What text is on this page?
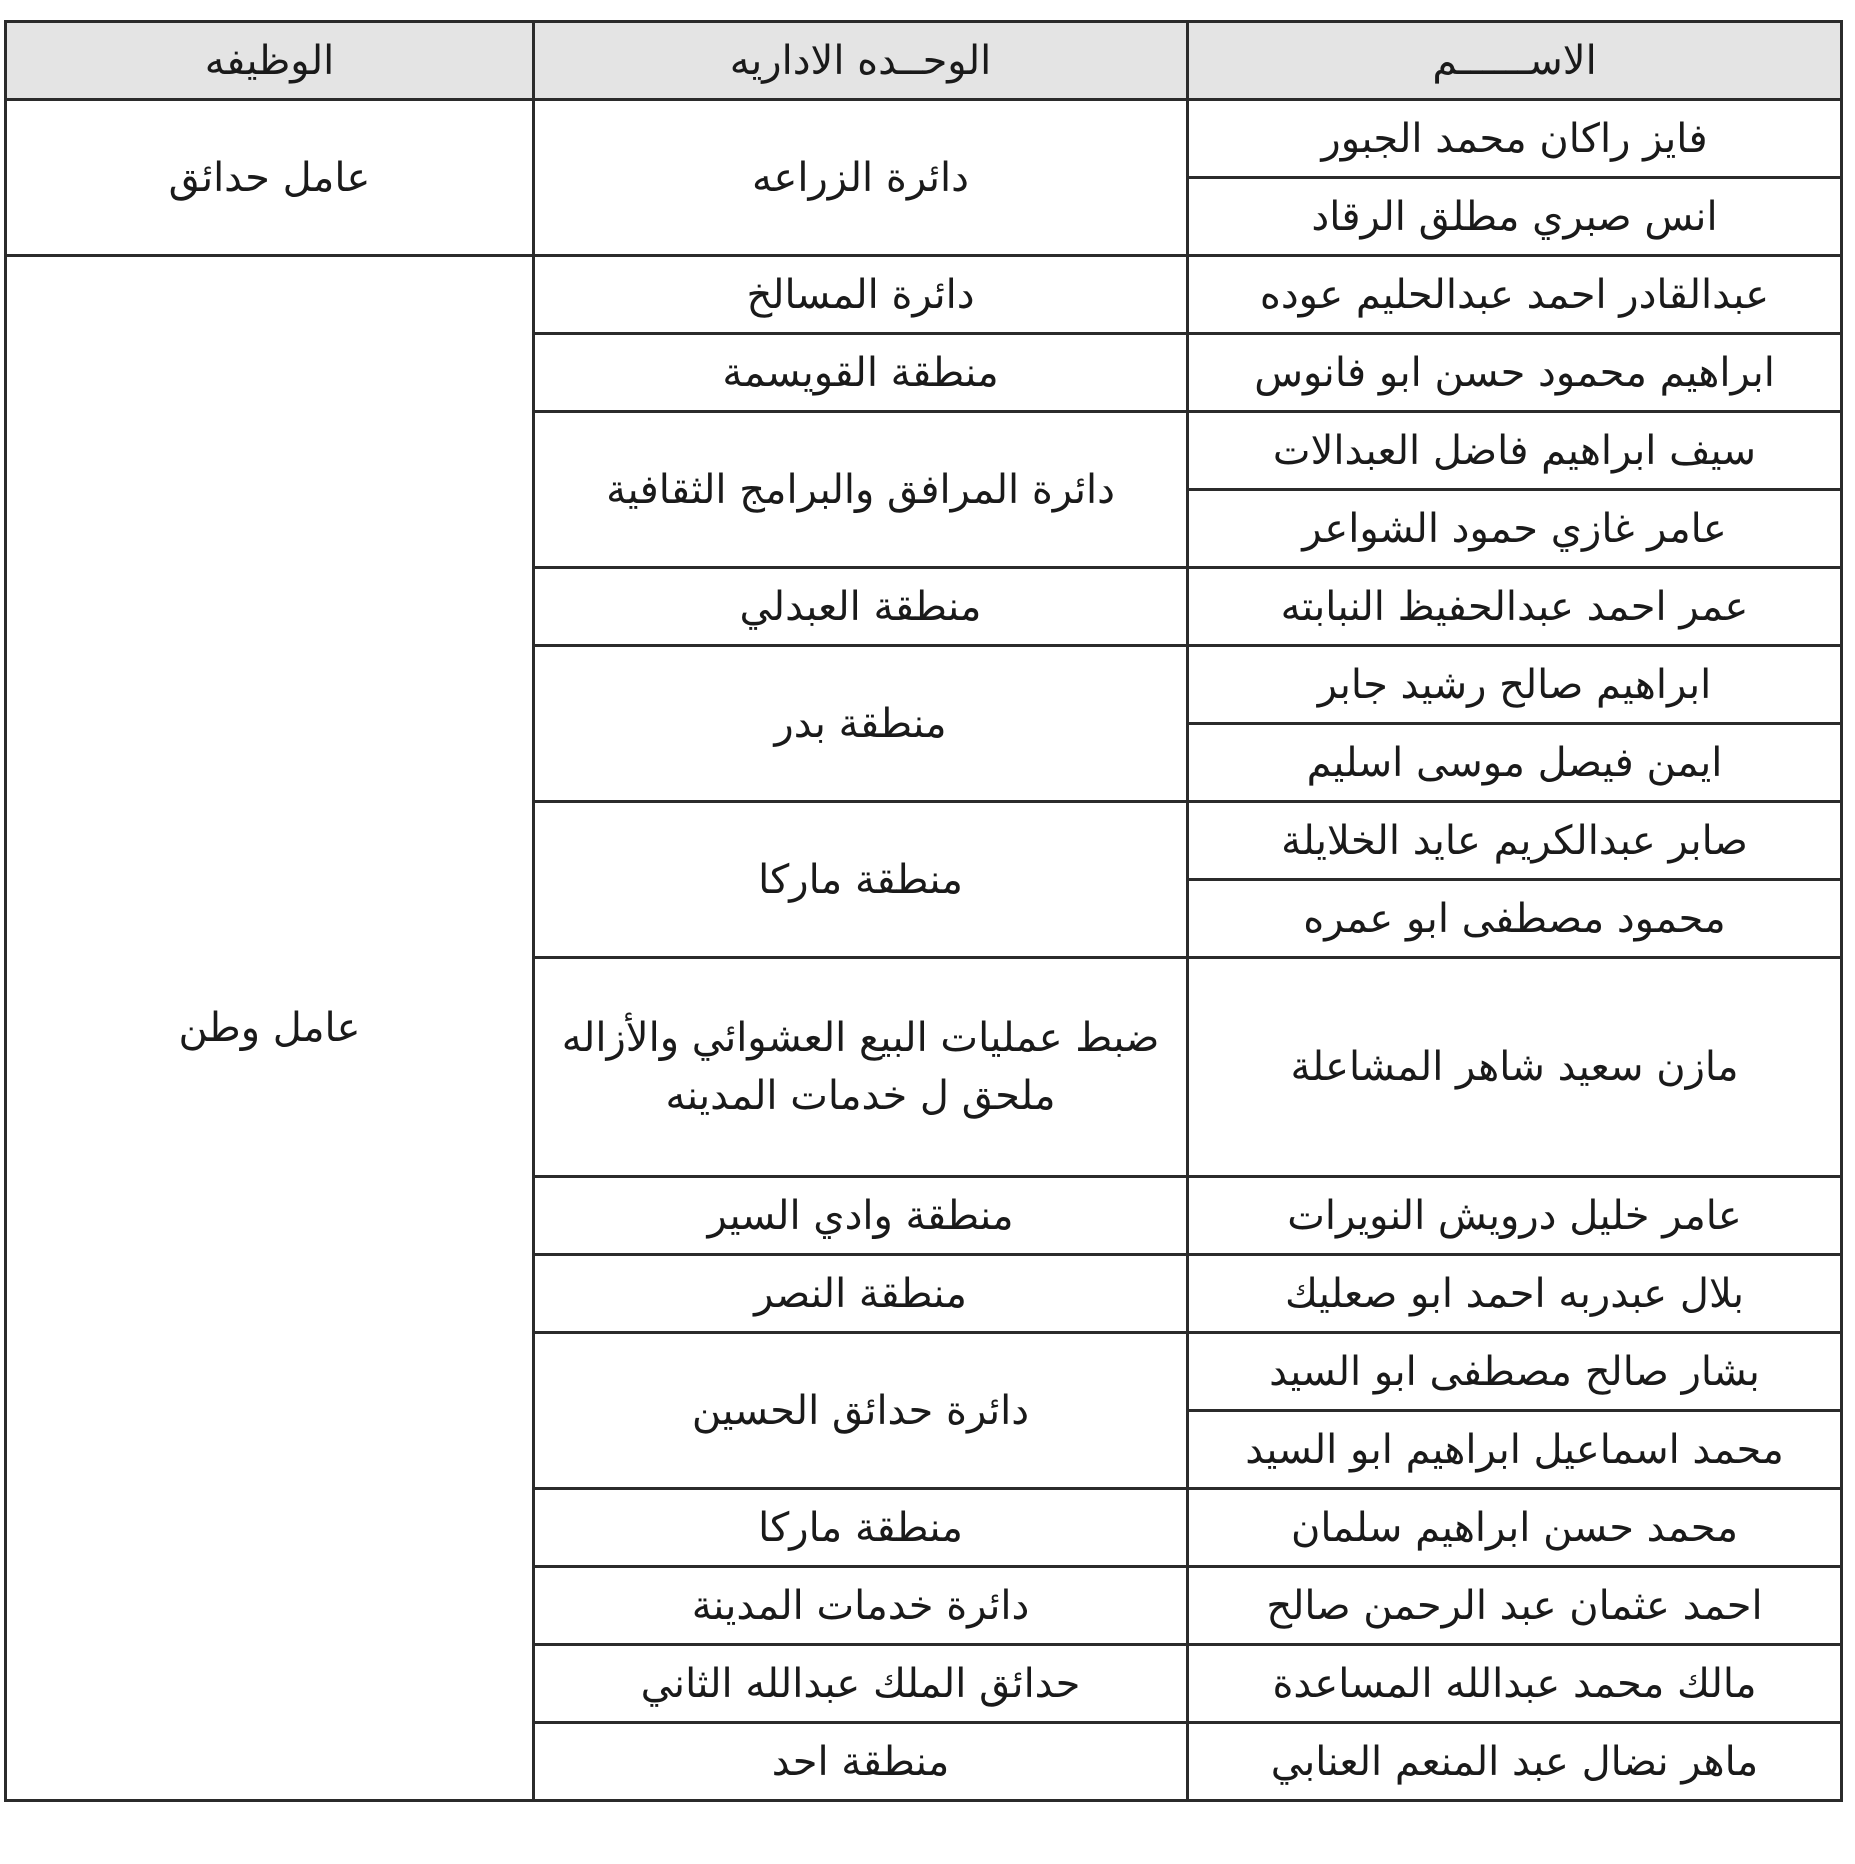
الاســــــم	الوحــده الاداريه	الوظيفه
فايز راكان محمد الجبور	دائرة الزراعه	عامل حدائق
انس صبري مطلق الرقاد		
عبدالقادر احمد عبدالحليم عوده	دائرة المسالخ	عامل وطن
ابراهيم محمود حسن ابو فانوس	منطقة القويسمة	
سيف ابراهيم فاضل العبدالات	دائرة المرافق والبرامج الثقافية	
عامر غازي حمود الشواعر		
عمر احمد عبدالحفيظ النبابته	منطقة العبدلي	
ابراهيم صالح رشيد جابر	منطقة بدر	
ايمن فيصل موسى اسليم		
صابر عبدالكريم عايد الخلايلة	منطقة ماركا	
محمود مصطفى ابو عمره		
مازن سعيد شاهر المشاعلة	ضبط عمليات البيع العشوائي والأزاله ملحق ل خدمات المدينه	
عامر خليل درويش النويرات	منطقة وادي السير	
بلال عبدربه احمد ابو صعليك	منطقة النصر	
بشار صالح مصطفى ابو السيد	دائرة حدائق الحسين	
محمد اسماعيل ابراهيم ابو السيد		
محمد حسن ابراهيم سلمان	منطقة ماركا	
احمد عثمان عبد الرحمن صالح	دائرة خدمات المدينة	
مالك محمد عبدالله المساعدة	حدائق الملك عبدالله الثاني	
ماهر نضال عبد المنعم العنابي	منطقة احد	
